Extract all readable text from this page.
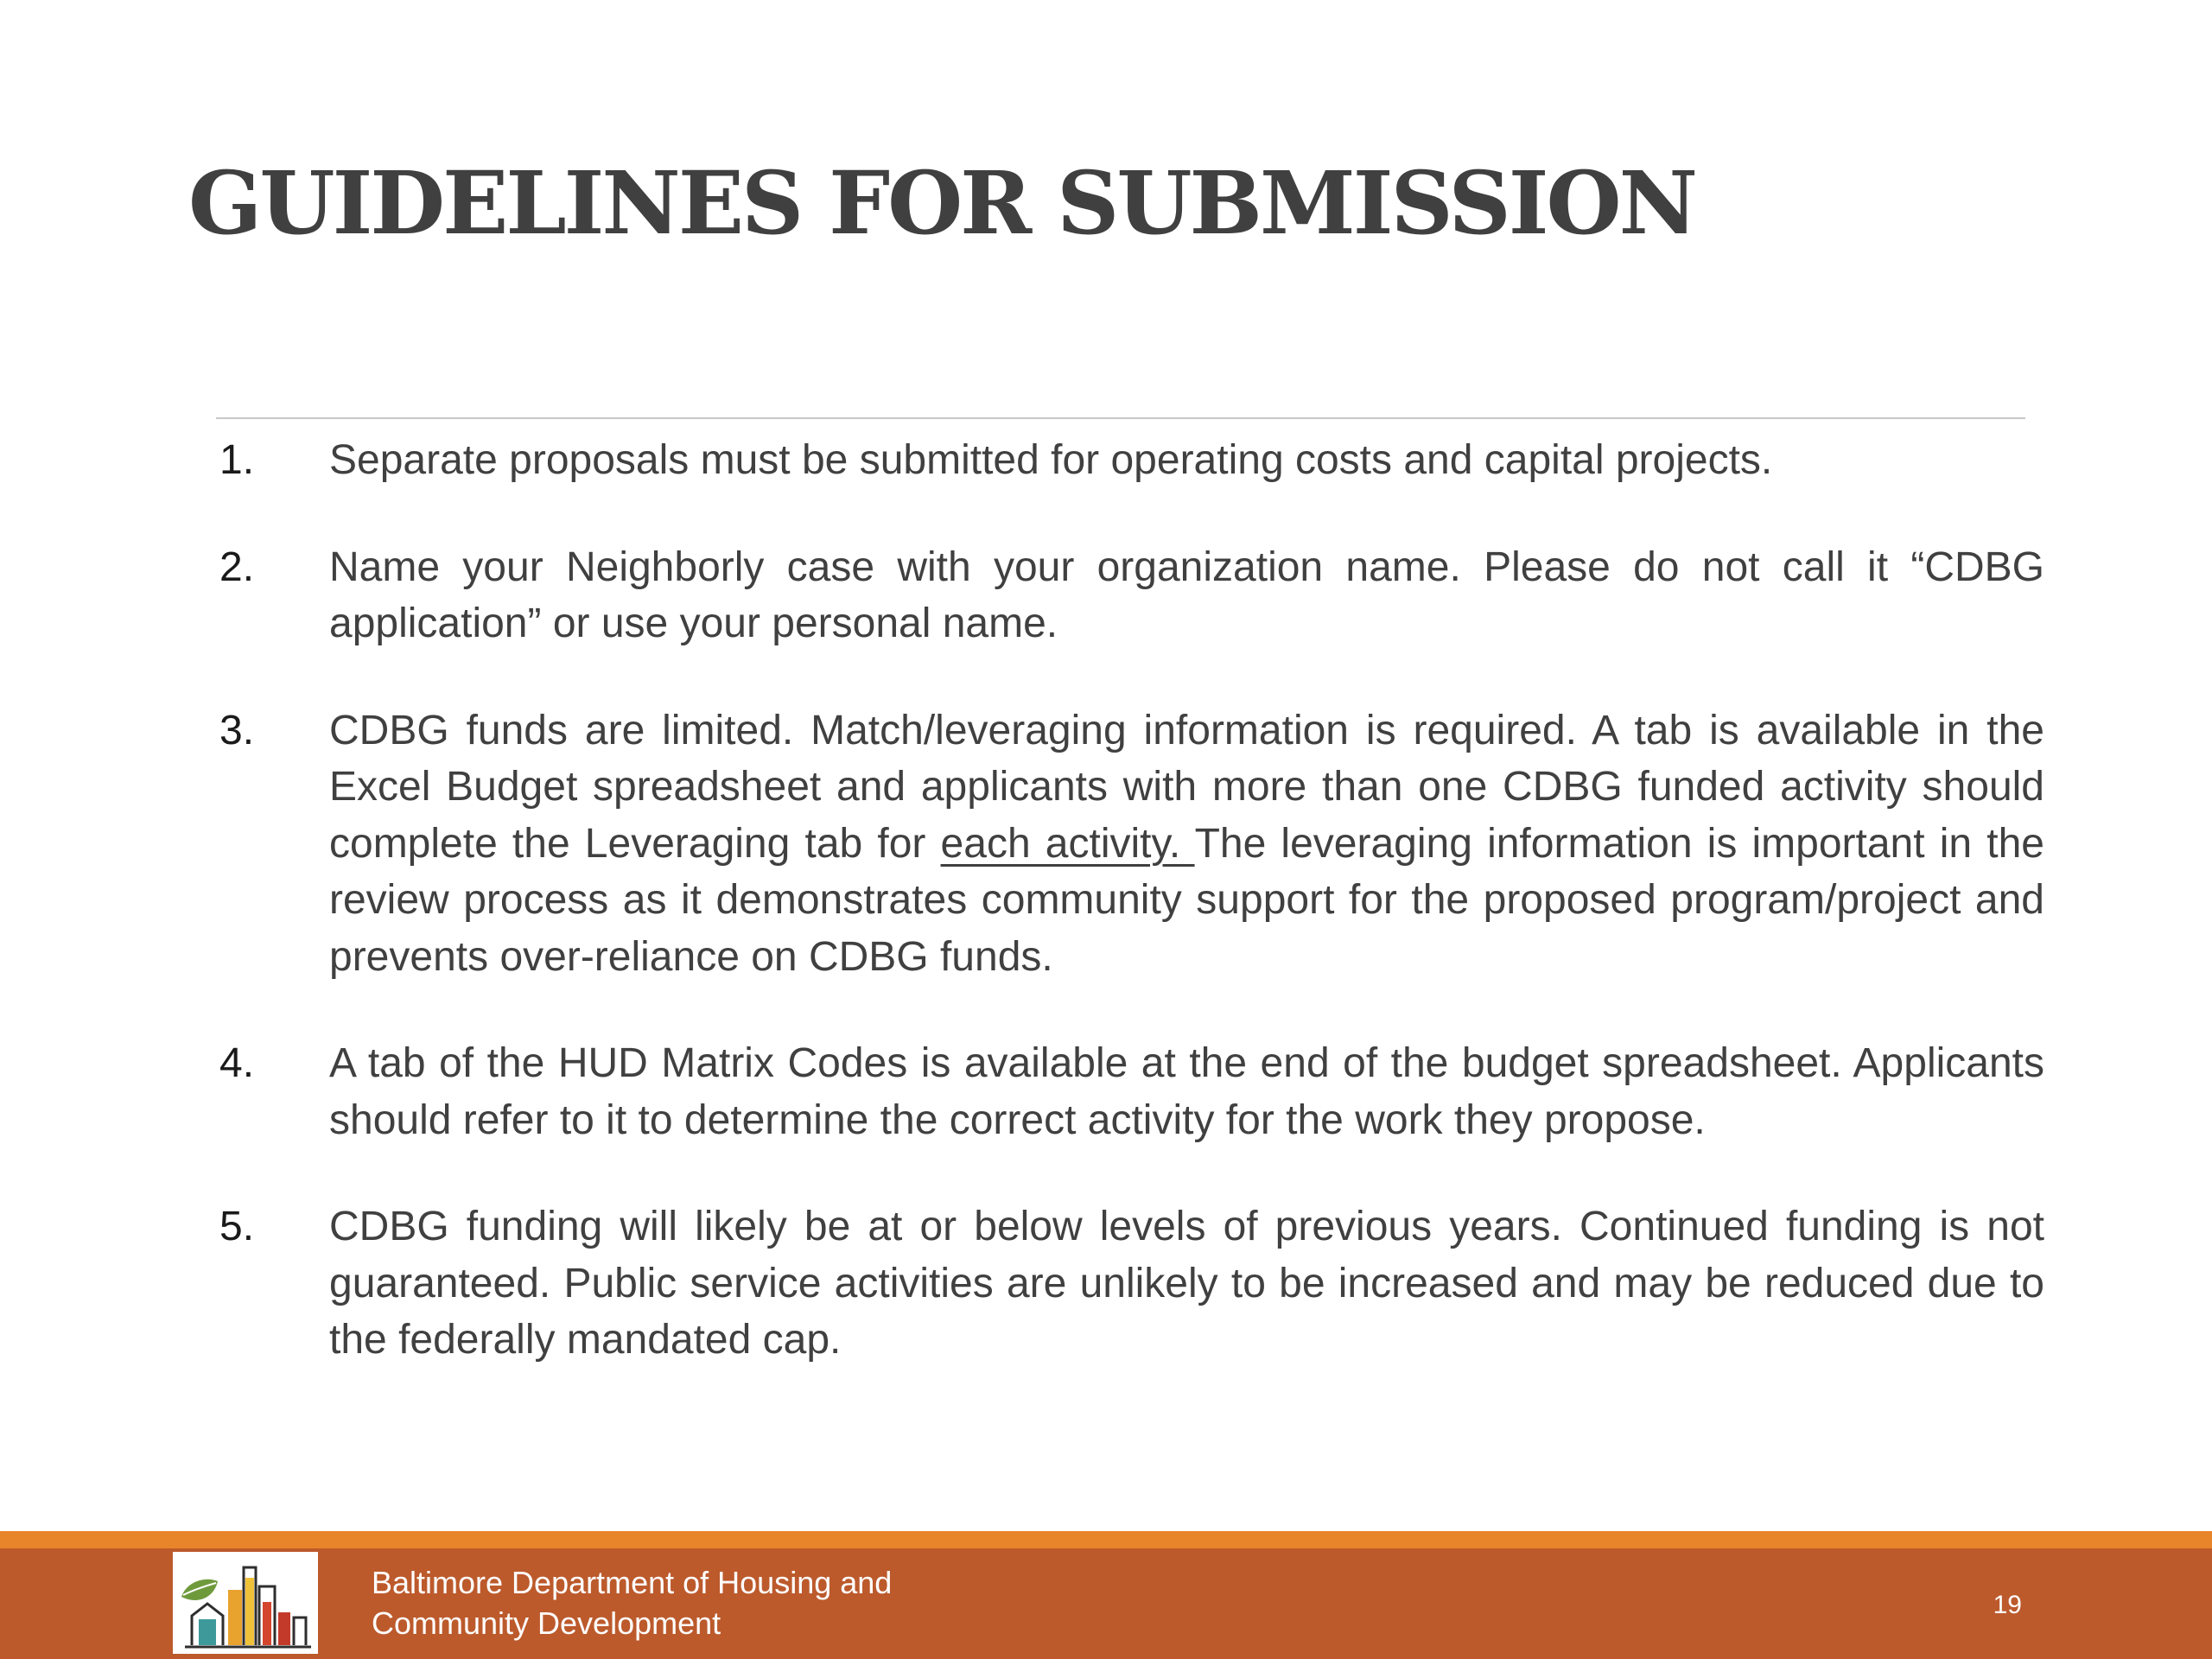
GUIDELINES FOR SUBMISSION
1.	Separate proposals must be submitted for operating costs and capital projects.
2.	Name your Neighborly case with your organization name. Please do not call it “CDBG application” or use your personal name.
3.	CDBG funds are limited. Match/leveraging information is required. A tab is available in the Excel Budget spreadsheet and applicants with more than one CDBG funded activity should complete the Leveraging tab for each activity. The leveraging information is important in the review process as it demonstrates community support for the proposed program/project and prevents over-reliance on CDBG funds.
4.	A tab of the HUD Matrix Codes is available at the end of the budget spreadsheet. Applicants should refer to it to determine the correct activity for the work they propose.
5.	CDBG funding will likely be at or below levels of previous years. Continued funding is not guaranteed. Public service activities are unlikely to be increased and may be reduced due to the federally mandated cap.
Baltimore Department of Housing and
Community Development
19
